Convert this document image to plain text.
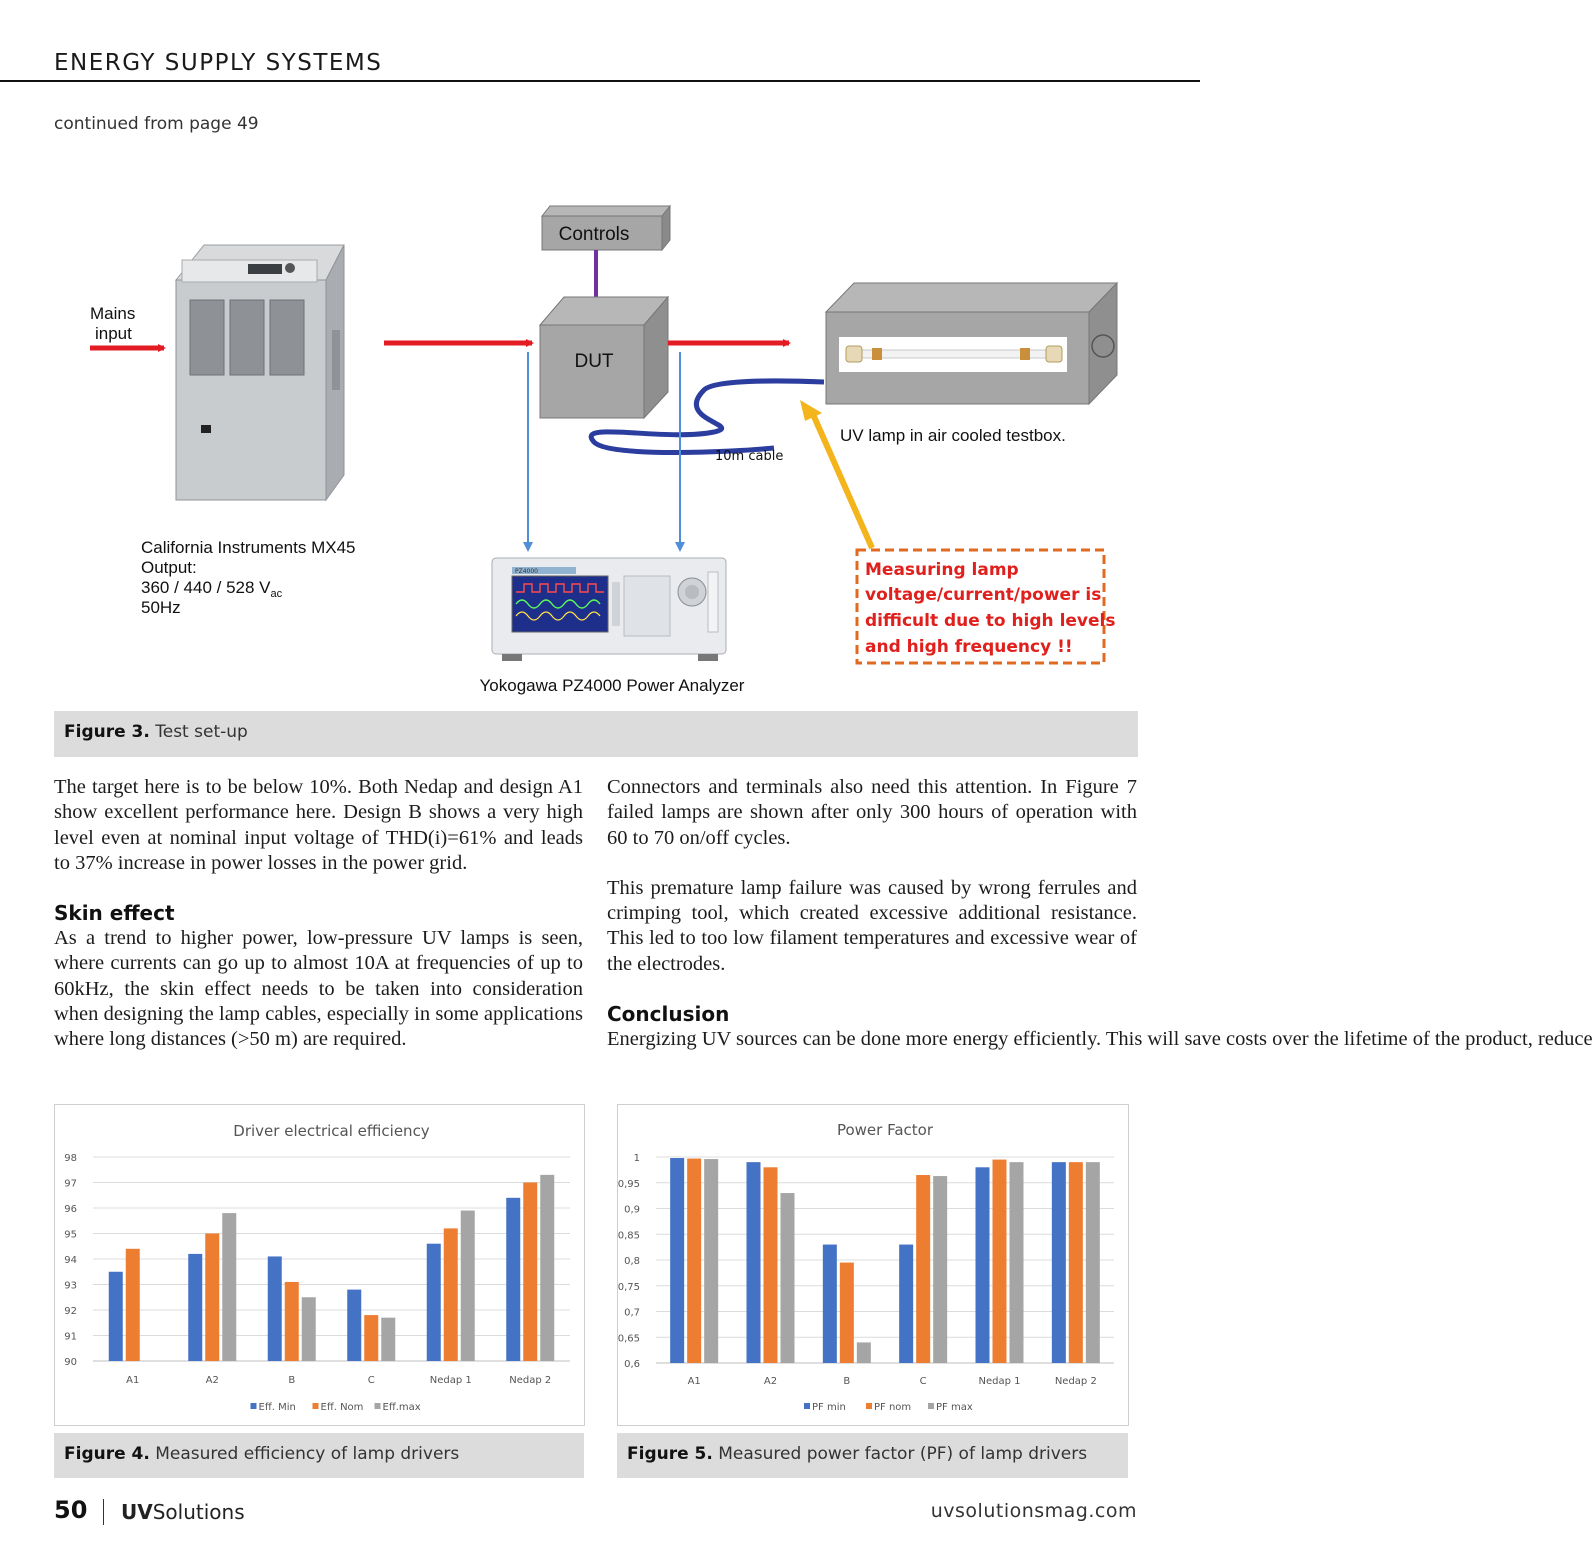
ENERGY SUPPLY SYSTEMS
continued from page 49
Mains
input
Controls
DUT
10m cable
UV lamp in air cooled testbox.
PZ4000
Yokogawa PZ4000 Power Analyzer
California Instruments MX45
Output:
360 / 440 / 528 $V_{ac}$
50Hz
Measuring lamp
voltage/current/power is
difficult due to high levels
and high frequency !!
Figure 3. Test set-up

The target here is to be below 10%. Both Nedap and design A1 show excellent performance here. Design B shows a very high level even at nominal input voltage of THD(i)=61% and leads to 37% increase in power losses in the power grid.

Skin effect

As a trend to higher power, low-pressure UV lamps is seen, where currents can go up to almost 10A at frequencies of up to 60kHz, the skin effect needs to be taken into consideration when designing the lamp cables, especially in some applications where long distances (>50 m) are required.

Connectors and terminals also need this attention. In Figure 7 failed lamps are shown after only 300 hours of operation with 60 to 70 on/off cycles.

This premature lamp failure was caused by wrong ferrules and crimping tool, which created excessive additional resistance. This led to too low filament temperatures and excessive wear of the electrodes.

Conclusion

Energizing UV sources can be done more energy efficiently. This will save costs over the lifetime of the product, reduce

Driver electrical efficiency
98
97
96
95
94
93
92
91
90
A1	A2	B	C	Nedap 1	Nedap 2
Eff. Min Eff. Nom Eff.max
Figure 4. Measured efficiency of lamp drivers
Power Factor
1
0,95
0,9
0,85
0,8
0,75
0,7
0,65
0,6
A1	A2	B	C	Nedap 1	Nedap 2
PF min	PF nom PF max
Figure 5. Measured power factor (PF) of lamp drivers
50 UVSolutions	uvsolutionsmag.com
